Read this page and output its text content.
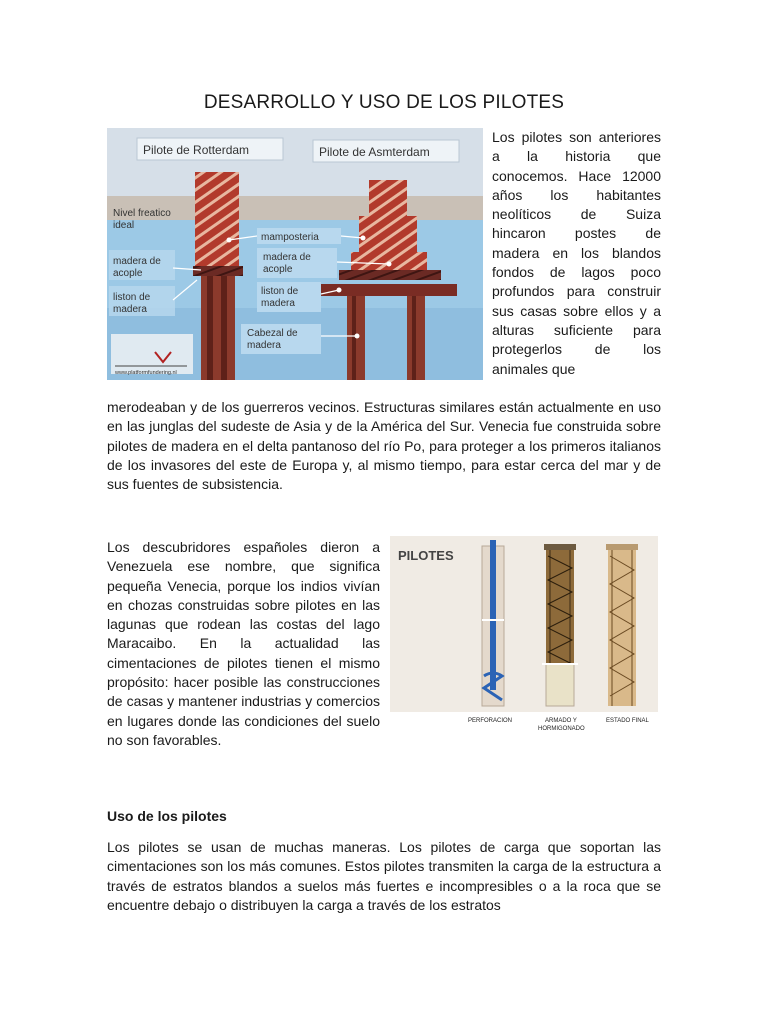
DESARROLLO Y USO DE LOS PILOTES
Pilote de Rotterdam	Pilote de Asmterdam
Nivel freatico
ideal
madera de
acople
liston de
madera
mamposteria
madera de
acople
liston de
madera
Cabezal de
madera
www.platformfundering.nl

Los pilotes son anteriores a la historia que conocemos. Hace 12000 años los habitantes neolíticos de Suiza hincaron postes de madera en los blandos fondos de lagos poco profundos para construir sus casas sobre ellos y a alturas suficiente para protegerlos de los animales que

merodeaban y de los guerreros vecinos. Estructuras similares están actualmente en uso en las junglas del sudeste de Asia y de la América del Sur. Venecia fue construida sobre pilotes de madera en el delta pantanoso del río Po, para proteger a los primeros italianos de los invasores del este de Europa y, al mismo tiempo, para estar cerca del mar y de sus fuentes de subsistencia.

Los descubridores españoles dieron a Venezuela ese nombre, que significa pequeña Venecia, porque los indios vivían en chozas construidas sobre pilotes en las lagunas que rodean las costas del lago Maracaibo. En la actualidad las cimentaciones de pilotes tienen el mismo propósito: hacer posible las construcciones de casas y mantener industrias y comercios en lugares donde las condiciones del suelo no son favorables.

PILOTES
PERFORACION	ARMADO Y
HORMIGONADO
ESTADO FINAL
Uso de los pilotes

Los pilotes se usan de muchas maneras. Los pilotes de carga que soportan las cimentaciones son los más comunes. Estos pilotes transmiten la carga de la estructura a través de estratos blandos a suelos más fuertes e incompresibles o a la roca que se encuentre debajo o distribuyen la carga a través de los estratos
